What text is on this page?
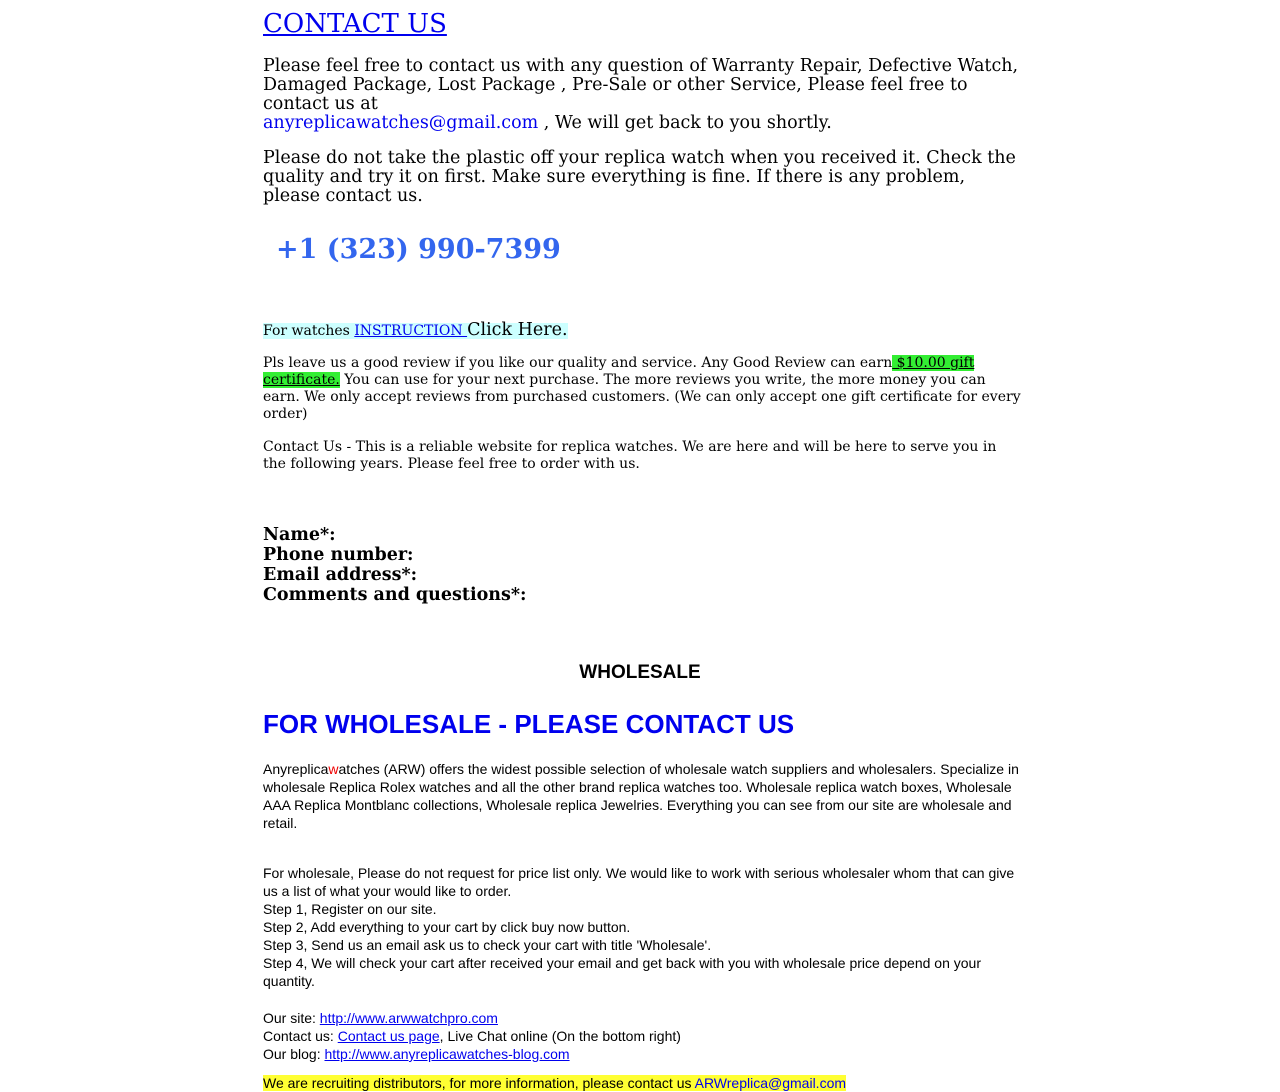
CONTACT US

Please feel free to contact us with any question of Warranty Repair, Defective Watch, Damaged Package, Lost Package , Pre-Sale or other Service, Please feel free to contact us at
anyreplicawatches@gmail.com , We will get back to you shortly.

Please do not take the plastic off your replica watch when you received it. Check the quality and try it on first. Make sure everything is fine. If there is any problem, please contact us.

+1 (323) 990-7399
For watches INSTRUCTION Click Here.

Pls leave us a good review if you like our quality and service. Any Good Review can earn $10.00 gift certificate. You can use for your next purchase. The more reviews you write, the more money you can earn. We only accept reviews from purchased customers. (We can only accept one gift certificate for every order)

Contact Us - This is a reliable website for replica watches. We are here and will be here to serve you in the following years. Please feel free to order with us.

Name*:
Phone number:
Email address*:
Comments and questions*:
WHOLESALE
FOR WHOLESALE - PLEASE CONTACT US

Anyreplicawatches (ARW) offers the widest possible selection of wholesale watch suppliers and wholesalers. Specialize in wholesale Replica Rolex watches and all the other brand replica watches too. Wholesale replica watch boxes, Wholesale AAA Replica Montblanc collections, Wholesale replica Jewelries. Everything you can see from our site are wholesale and retail.

For wholesale, Please do not request for price list only. We would like to work with serious wholesaler whom that can give us a list of what your would like to order.
Step 1, Register on our site.
Step 2, Add everything to your cart by click buy now button.
Step 3, Send us an email ask us to check your cart with title 'Wholesale'.
Step 4, We will check your cart after received your email and get back with you with wholesale price depend on your quantity.
Our site: http://www.arwwatchpro.com
Contact us: Contact us page, Live Chat online (On the bottom right)
Our blog: http://www.anyreplicawatches-blog.com

We are recruiting distributors, for more information, please contact us ARWreplica@gmail.com
